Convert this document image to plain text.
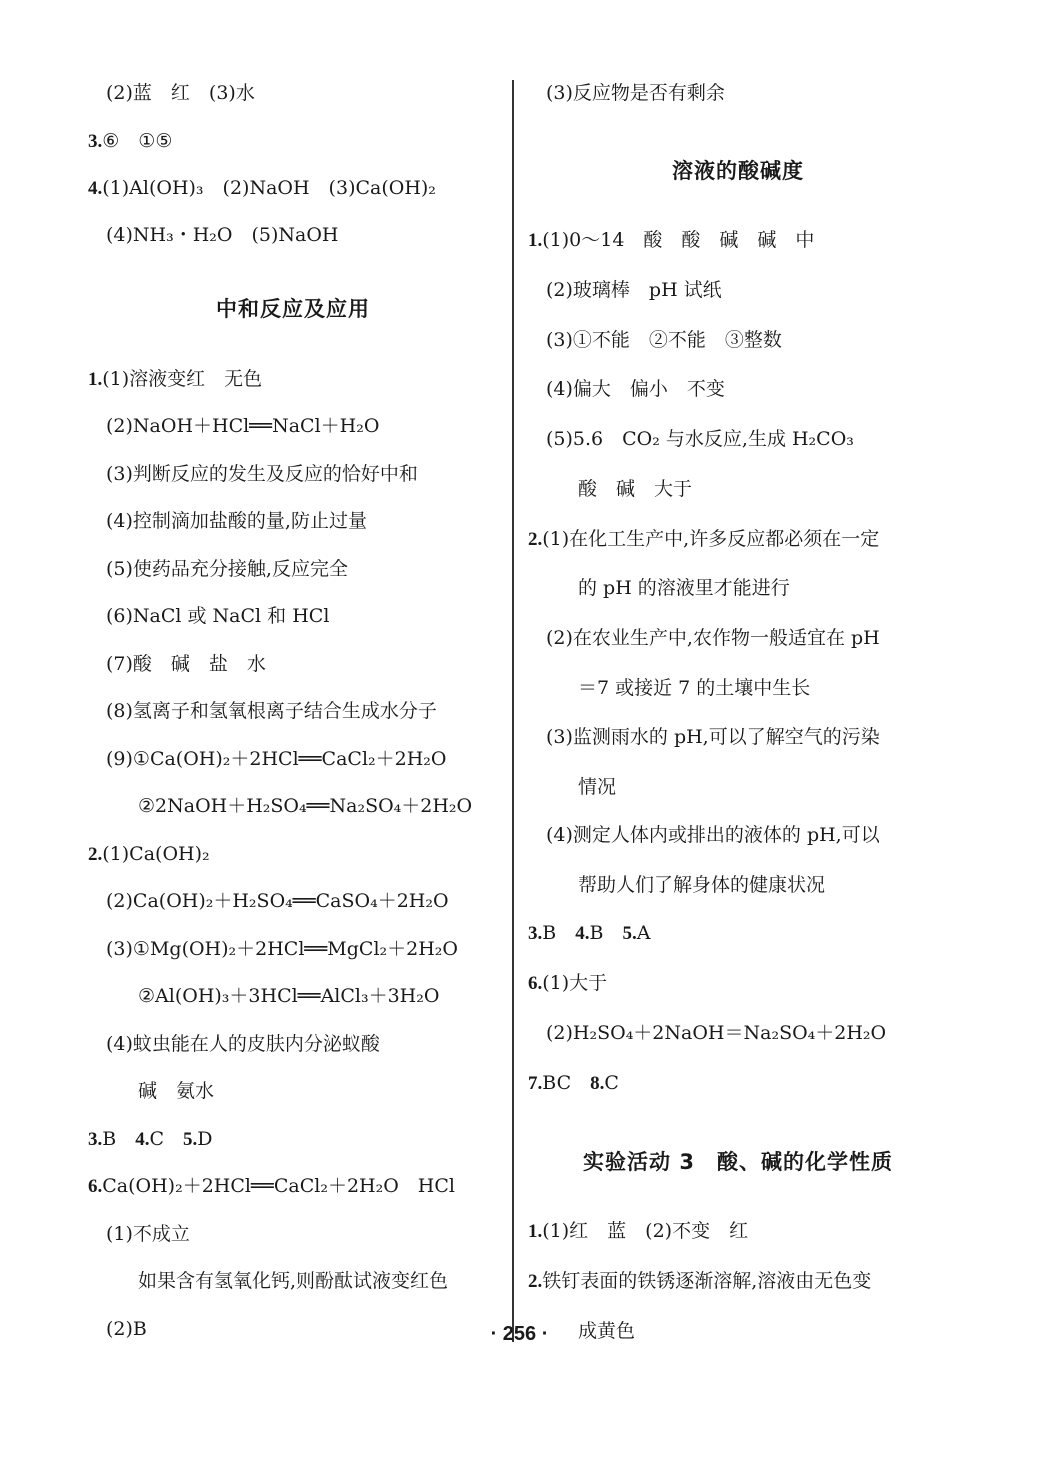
(2)蓝　红　(3)水
3.⑥　①⑤
4.(1)Al(OH)₃　(2)NaOH　(3)Ca(OH)₂
(4)NH₃・H₂O　(5)NaOH
中和反应及应用
1.(1)溶液变红　无色
(2)NaOH＋HCl══NaCl＋H₂O
(3)判断反应的发生及反应的恰好中和
(4)控制滴加盐酸的量,防止过量
(5)使药品充分接触,反应完全
(6)NaCl 或 NaCl 和 HCl
(7)酸　碱　盐　水
(8)氢离子和氢氧根离子结合生成水分子
(9)①Ca(OH)₂＋2HCl══CaCl₂＋2H₂O
②2NaOH＋H₂SO₄══Na₂SO₄＋2H₂O
2.(1)Ca(OH)₂
(2)Ca(OH)₂＋H₂SO₄══CaSO₄＋2H₂O
(3)①Mg(OH)₂＋2HCl══MgCl₂＋2H₂O
②Al(OH)₃＋3HCl══AlCl₃＋3H₂O
(4)蚊虫能在人的皮肤内分泌蚁酸
碱　氨水
3.B　4.C　5.D
6.Ca(OH)₂＋2HCl══CaCl₂＋2H₂O　HCl
(1)不成立
如果含有氢氧化钙,则酚酞试液变红色
(2)B
(3)反应物是否有剩余
溶液的酸碱度
1.(1)0～14　酸　酸　碱　碱　中
(2)玻璃棒　pH 试纸
(3)①不能　②不能　③整数
(4)偏大　偏小　不变
(5)5.6　CO₂ 与水反应,生成 H₂CO₃
酸　碱　大于
2.(1)在化工生产中,许多反应都必须在一定
的 pH 的溶液里才能进行
(2)在农业生产中,农作物一般适宜在 pH
＝7 或接近 7 的土壤中生长
(3)监测雨水的 pH,可以了解空气的污染
情况
(4)测定人体内或排出的液体的 pH,可以
帮助人们了解身体的健康状况
3.B　4.B　5.A
6.(1)大于
(2)H₂SO₄＋2NaOH＝Na₂SO₄＋2H₂O
7.BC　8.C
实验活动 3　酸、碱的化学性质
1.(1)红　蓝　(2)不变　红
2.铁钉表面的铁锈逐渐溶解,溶液由无色变
成黄色
· 256 ·
